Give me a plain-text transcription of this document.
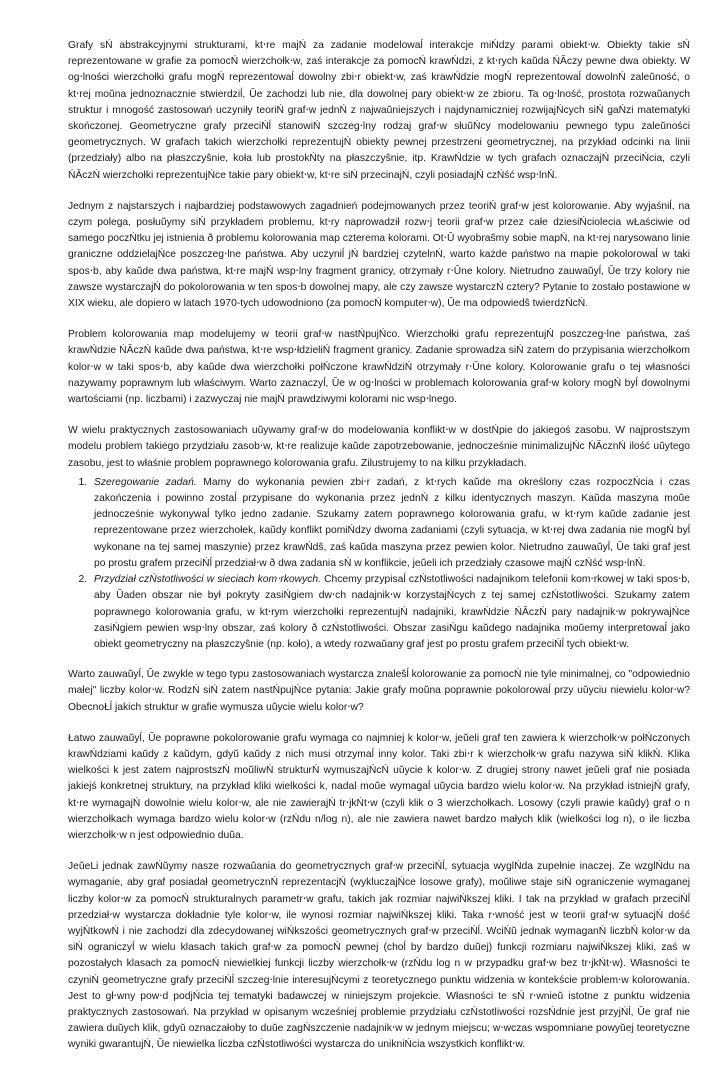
Grafy sŃ abstrakcyjnymi strukturami, kt⋅re majŃ za zadanie modelowaĺ interakcje miŃdzy parami obiekt⋅w. Obiekty takie sŃ reprezentowane w grafie za pomocŃ wierzchołk⋅w, zaś interakcje za pomocŃ krawŃdzi, z kt⋅rych kaŭda ŃĂczy pewne dwa obiekty. W og⋅lności wierzchołki grafu mogŃ reprezentowaĺ dowolny zbi⋅r obiekt⋅w, zaś krawŃdzie mogŃ reprezentowaĺ dowolnŃ zaleŭność, o kt⋅rej moŭna jednoznacznie stwierdziĺ, Ŭe zachodzi lub nie, dla dowolnej pary obiekt⋅w ze zbioru. Ta og⋅lność, prostota rozwaŭanych struktur i mnogość zastosowań uczyniły teoriŃ graf⋅w jednŃ z najwaŭniejszych i najdynamiczniej rozwijajŃcych siŃ gaŃzi matematyki skończonej. Geometryczne grafy przeciŃĺ stanowiŃ szczeg⋅lny rodzaj graf⋅w słuŭŃcy modelowaniu pewnego typu zaleŭności geometrycznych. W grafach takich wierzchołki reprezentujŃ obiekty pewnej przestrzeni geometrycznej, na przykład odcinki na linii (przedziały) albo na płaszczyŝnie, koła lub prostokŃty na płaszczyŝnie, itp. KrawŃdzie w tych grafach oznaczajŃ przeciŃcia, czyli ŃĂczŃ wierzchołki reprezentujŃce takie pary obiekt⋅w, kt⋅re siŃ przecinajŃ, czyli posiadajŃ czŃść wsp⋅lnŃ.

Jednym z najstarszych i najbardziej podstawowych zagadnień podejmowanych przez teoriŃ graf⋅w jest kolorowanie. Aby wyjaśniĺ, na czym polega, posłuŭymy siŃ przykładem problemu, kt⋅ry naprowadził rozw⋅j teorii graf⋅w przez całe dziesiŃciolecia wŁaściwie od samego poczŃtku jej istnienia ð problemu kolorowania map czterema kolorami. Ot⋅Ŭ wyobraŝmy sobie mapŃ, na kt⋅rej narysowano linie graniczne oddzielajŃce poszczeg⋅lne państwa. Aby uczyniĺ jŃ bardziej czytelnŃ, warto każde państwo na mapie pokolorowaĺ w taki spos⋅b, aby kaŭde dwa państwa, kt⋅re majŃ wsp⋅lny fragment granicy, otrzymały r⋅Ŭne kolory. Nietrudno zauwaŭyĺ, Ŭe trzy kolory nie zawsze wystarczajŃ do pokolorowania w ten spos⋅b dowolnej mapy, ale czy zawsze wystarczŃ cztery? Pytanie to zostało postawione w XIX wieku, ale dopiero w latach 1970-tych udowodniono (za pomocŃ komputer⋅w), Ŭe ma odpowiedŝ twierdzŃcŃ.

Problem kolorowania map modelujemy w teorii graf⋅w nastŃpujŃco. Wierzchołki grafu reprezentujŃ poszczeg⋅lne państwa, zaś krawŃdzie ŃĂczŃ kaŭde dwa państwa, kt⋅re wsp⋅łdzieliŃ fragment granicy. Zadanie sprowadza siŃ zatem do przypisania wierzchołkom kolor⋅w w taki spos⋅b, aby kaŭde dwa wierzchołki połŃczone krawŃdziŃ otrzymały r⋅Ŭne kolory. Kolorowanie grafu o tej własności nazywamy poprawnym lub właściwym. Warto zaznaczyĺ, Ŭe w og⋅lności w problemach kolorowania graf⋅w kolory mogŃ byĺ dowolnymi wartościami (np. liczbami) i zazwyczaj nie majŃ prawdziwymi kolorami nic wsp⋅lnego.

W wielu praktycznych zastosowaniach uŭywamy graf⋅w do modelowania konflikt⋅w w dostŃpie do jakiegoś zasobu. W najprostszym modelu problem takiego przydziału zasob⋅w, kt⋅re realizuje kaŭde zapotrzebowanie, jednocześnie minimalizujŃc ŃĂcznŃ ilość uŭytego zasobu, jest to właśnie problem poprawnego kolorowania grafu. Zilustrujemy to na kilku przykładach.

1. Szeregowanie zadań. Mamy do wykonania pewien zbi⋅r zadań, z kt⋅rych kaŭde ma określony czas rozpoczŃcia i czas zakończenia i powinno zostaĺ przypisane do wykonania przez jednŃ z kilku identycznych maszyn. Kaŭda maszyna moŭe jednocześnie wykonywaĺ tylko jedno zadanie. Szukamy zatem poprawnego kolorowania grafu, w kt⋅rym kaŭde zadanie jest reprezentowane przez wierzchołek, kaŭdy konflikt pomiŃdzy dwoma zadaniami (czyli sytuacja, w kt⋅rej dwa zadania nie mogŃ byĺ wykonane na tej samej maszynie) przez krawŃdŝ, zaś kaŭda maszyna przez pewien kolor. Nietrudno zauwaŭyĺ, Ŭe taki graf jest po prostu grafem przeciŃĺ przedział⋅w ð dwa zadania sŃ w konflikcie, jeŭeli ich przedziały czasowe majŃ czŃść wsp⋅lnŃ.
2. Przydział czŃstotliwości w sieciach kom⋅rkowych. Chcemy przypisaĺ czŃstotliwości nadajnikom telefonii kom⋅rkowej w taki spos⋅b, aby Ŭaden obszar nie był pokryty zasiŃgiem dw⋅ch nadajnik⋅w korzystajŃcych z tej samej czŃstotliwości. Szukamy zatem poprawnego kolorowania grafu, w kt⋅rym wierzchołki reprezentujŃ nadajniki, krawŃdzie ŃĂczŃ pary nadajnik⋅w pokrywajŃce zasiŃgiem pewien wsp⋅lny obszar, zaś kolory ð czŃstotliwości. Obszar zasiŃgu kaŭdego nadajnika moŭemy interpretowaĺ jako obiekt geometryczny na płaszczyŝnie (np. koło), a wtedy rozwaŭany graf jest po prostu grafem przeciŃĺ tych obiekt⋅w.

Warto zauwaŭyĺ, Ŭe zwykle w tego typu zastosowaniach wystarcza znaleŝĺ kolorowanie za pomocŃ nie tyle minimalnej, co "odpowiednio małej" liczby kolor⋅w. RodzŃ siŃ zatem nastŃpujŃce pytania: Jakie grafy moŭna poprawnie pokolorowaĺ przy uŭyciu niewielu kolor⋅w? ObecnoŁĺ jakich struktur w grafie wymusza uŭycie wielu kolor⋅w?

Łatwo zauwaŭyĺ, Ŭe poprawne pokolorowanie grafu wymaga co najmniej k kolor⋅w, jeŭeli graf ten zawiera k wierzchołk⋅w połŃczonych krawŃdziami kaŭdy z kaŭdym, gdyŭ kaŭdy z nich musi otrzymaĺ inny kolor. Taki zbi⋅r k wierzchołk⋅w grafu nazywa siŃ klikŃ. Klika wielkości k jest zatem najprostszŃ moŭliwŃ strukturŃ wymuszajŃcŃ uŭycie k kolor⋅w. Z drugiej strony nawet jeŭeli graf nie posiada jakiejś konkretnej struktury, na przykład kliki wielkości k, nadal moŭe wymagaĺ uŭycia bardzo wielu kolor⋅w. Na przykład istniejŃ grafy, kt⋅re wymagajŃ dowolnie wielu kolor⋅w, ale nie zawierajŃ tr⋅jkŃt⋅w (czyli klik o 3 wierzchołkach. Losowy (czyli prawie kaŭdy) graf o n wierzchołkach wymaga bardzo wielu kolor⋅w (rzŃdu n/log n), ale nie zawiera nawet bardzo małych klik (wielkości log n), o ile liczba wierzchołk⋅w n jest odpowiednio duŭa.

JeŭeLi jednak zawŃŭymy nasze rozwaŭania do geometrycznych graf⋅w przeciŃĺ, sytuacja wyglŃda zupełnie inaczej. Ze wzglŃdu na wymaganie, aby graf posiadał geometrycznŃ reprezentacjŃ (wykluczajŃce losowe grafy), moŭliwe staje siŃ ograniczenie wymaganej liczby kolor⋅w za pomocŃ strukturalnych parametr⋅w grafu, takich jak rozmiar najwiŃkszej kliki. I tak na przykład w grafach przeciŃĺ przedział⋅w wystarcza dokładnie tyle kolor⋅w, ile wynosi rozmiar najwiŃkszej kliki. Taka r⋅wność jest w teorii graf⋅w sytuacjŃ dość wyjŃtkowŃ i nie zachodzi dla zdecydowanej wiŃkszości geometrycznych graf⋅w przeciŃĺ. WciŃŭ jednak wymaganŃ liczbŃ kolor⋅w da siŃ ograniczyĺ w wielu klasach takich graf⋅w za pomocŃ pewnej (choĺ by bardzo duŭej) funkcji rozmiaru najwiŃkszej kliki, zaś w pozostałych klasach za pomocŃ niewielkiej funkcji liczby wierzchołk⋅w (rzŃdu log n w przypadku graf⋅w bez tr⋅jkŃt⋅w). Własności te czyniŃ geometryczne grafy przeciŃĺ szczeg⋅lnie interesujŃcymi z teoretycznego punktu widzenia w kontekście problem⋅w kolorowania. Jest to gł⋅wny pow⋅d podjŃcia tej tematyki badawczej w niniejszym projekcie. Własności te sŃ r⋅wnieŭ istotne z punktu widzenia praktycznych zastosowań. Na przykład w opisanym wcześniej problemie przydziału czŃstotliwości rozsŃdnie jest przyjŃĺ, Ŭe graf nie zawiera duŭych klik, gdyŭ oznaczałoby to duŭe zagŃszczenie nadajnik⋅w w jednym miejscu; w⋅wczas wspomniane powyŭej teoretyczne wyniki gwarantujŃ, Ŭe niewielka liczba czŃstotliwości wystarcza do unikniŃcia wszystkich konflikt⋅w.
